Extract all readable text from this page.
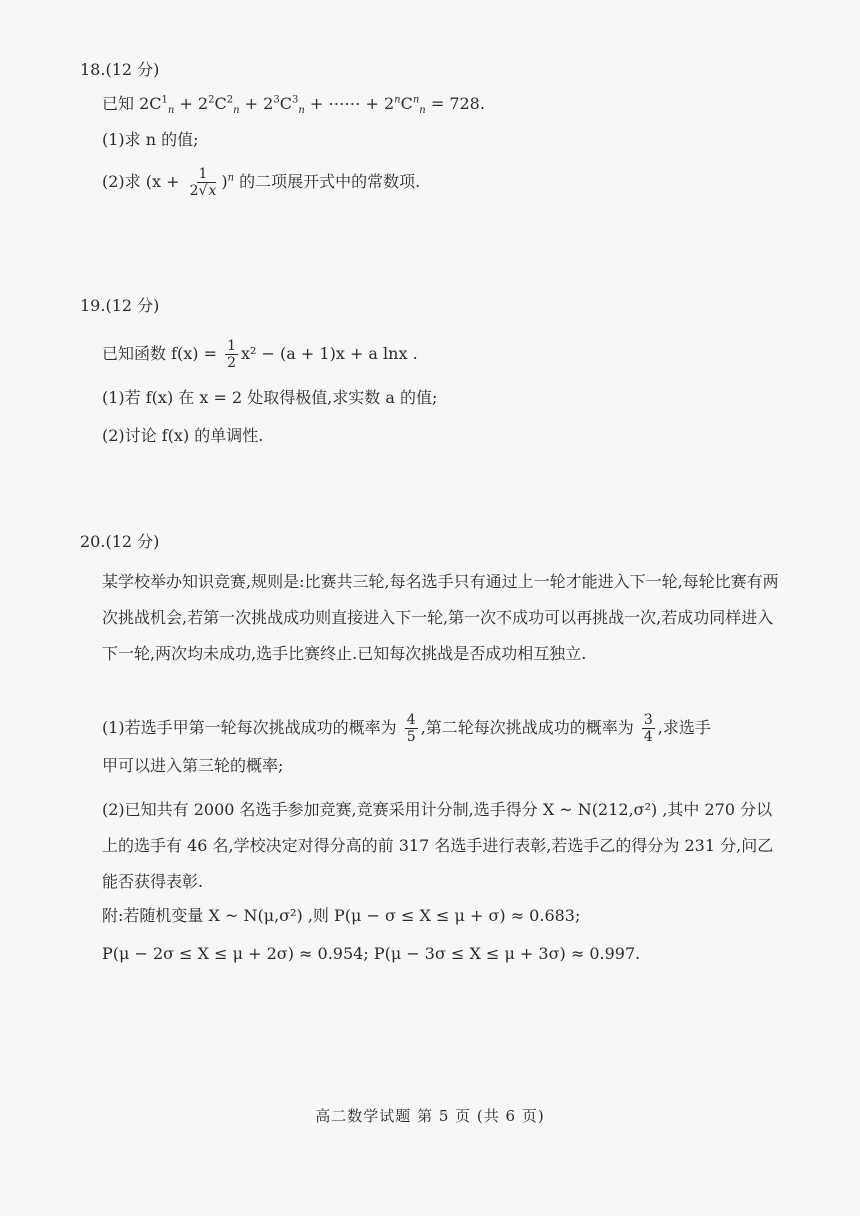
18.(12 分)
已知 $2C^1_n + 2^2C^2_n + 2^3C^3_n$ + ⋯⋯ + $2^nC^n_n = 728$.
(1)求 n 的值;
(2)求 $(x + \frac{1}{2√x} )^n$ 的二项展开式中的常数项.
19.(12 分)
已知函数 $f(x) = \frac{1}{2} x^2 - (a + 1)x + a$ lnx .
(1)若 f(x) 在 x = 2 处取得极值,求实数 a 的值;
(2)讨论 f(x) 的单调性.
20.(12 分)
某学校举办知识竞赛,规则是:比赛共三轮,每名选手只有通过上一轮才能进入下一轮,每轮比赛有两次挑战机会,若第一次挑战成功则直接进入下一轮,第一次不成功可以再挑战一次,若成功同样进入下一轮,两次均未成功,选手比赛终止.已知每次挑战是否成功相互独立.
(1)若选手甲第一轮每次挑战成功的概率为 $\frac{4}{5}$ ,第二轮每次挑战成功的概率为 $\frac{3}{4}$ ,求选手
甲可以进入第三轮的概率;
(2)已知共有 2000 名选手参加竞赛,竞赛采用计分制,选手得分 X ~ N(212,σ²) ,其中 270 分以上的选手有 46 名,学校决定对得分高的前 317 名选手进行表彰,若选手乙的得分为 231 分,问乙能否获得表彰.
附:若随机变量 X ~ N(μ,σ²) ,则 P(μ − σ ≤ X ≤ μ + σ) ≈ 0.683;
P(μ − 2σ ≤ X ≤ μ + 2σ) ≈ 0.954; P(μ − 3σ ≤ X ≤ μ + 3σ) ≈ 0.997.
高二数学试题 第 5 页 (共 6 页)
